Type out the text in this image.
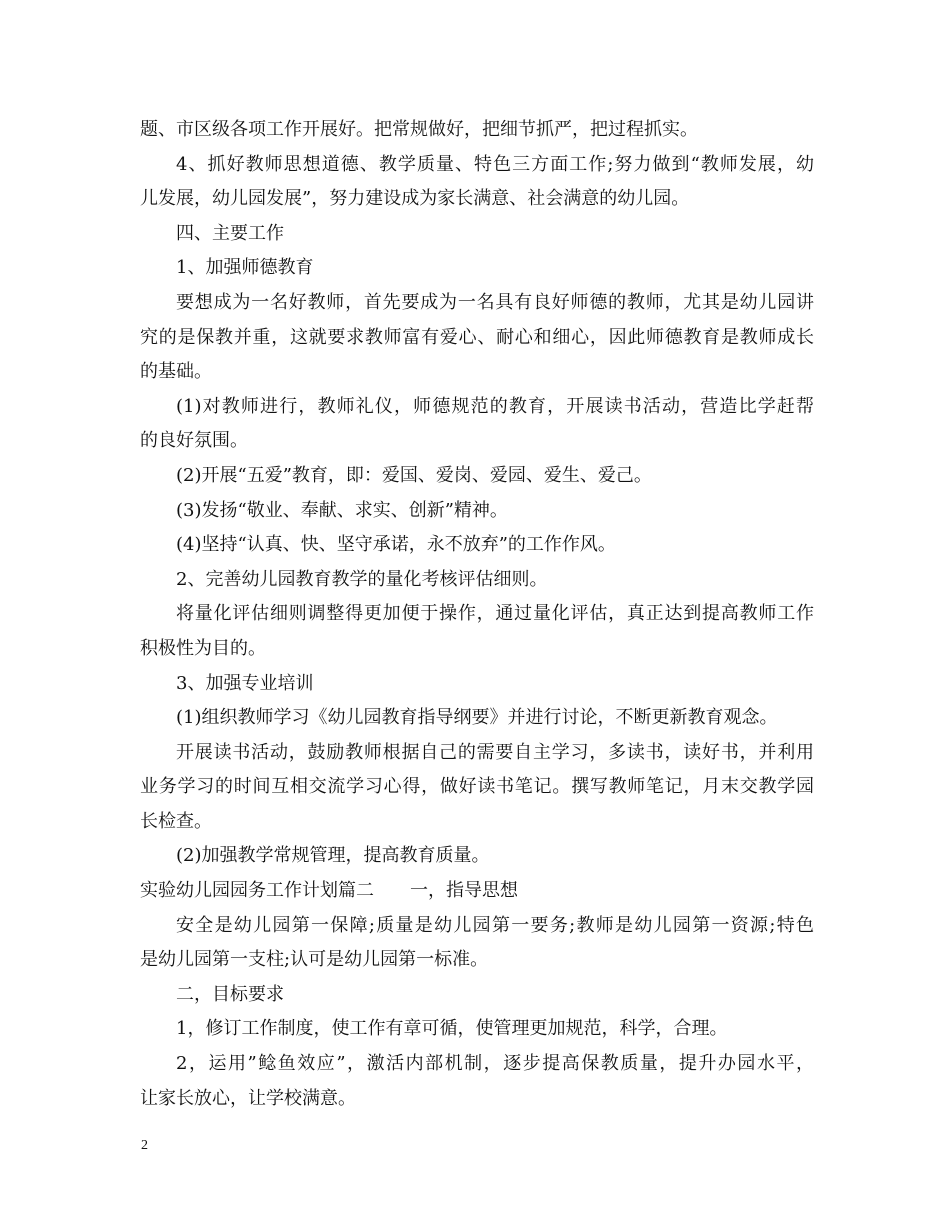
题、市区级各项工作开展好。把常规做好，把细节抓严，把过程抓实。
4、抓好教师思想道德、教学质量、特色三方面工作;努力做到“教师发展，幼
儿发展，幼儿园发展”，努力建设成为家长满意、社会满意的幼儿园。
四、主要工作
1、加强师德教育
要想成为一名好教师，首先要成为一名具有良好师德的教师，尤其是幼儿园讲
究的是保教并重，这就要求教师富有爱心、耐心和细心，因此师德教育是教师成长
的基础。
(1)对教师进行，教师礼仪，师德规范的教育，开展读书活动，营造比学赶帮
的良好氛围。
(2)开展“五爱”教育，即：爱国、爱岗、爱园、爱生、爱己。
(3)发扬“敬业、奉献、求实、创新”精神。
(4)坚持“认真、快、坚守承诺，永不放弃”的工作作风。
2、完善幼儿园教育教学的量化考核评估细则。
将量化评估细则调整得更加便于操作，通过量化评估，真正达到提高教师工作
积极性为目的。
3、加强专业培训
(1)组织教师学习《幼儿园教育指导纲要》并进行讨论，不断更新教育观念。
开展读书活动，鼓励教师根据自己的需要自主学习，多读书，读好书，并利用
业务学习的时间互相交流学习心得，做好读书笔记。撰写教师笔记，月末交教学园
长检查。
(2)加强教学常规管理，提高教育质量。
实验幼儿园园务工作计划篇二　　一，指导思想
安全是幼儿园第一保障;质量是幼儿园第一要务;教师是幼儿园第一资源;特色
是幼儿园第一支柱;认可是幼儿园第一标准。
二，目标要求
1，修订工作制度，使工作有章可循，使管理更加规范，科学，合理。
2，运用”鲶鱼效应”，激活内部机制，逐步提高保教质量，提升办园水平，
让家长放心，让学校满意。
2
